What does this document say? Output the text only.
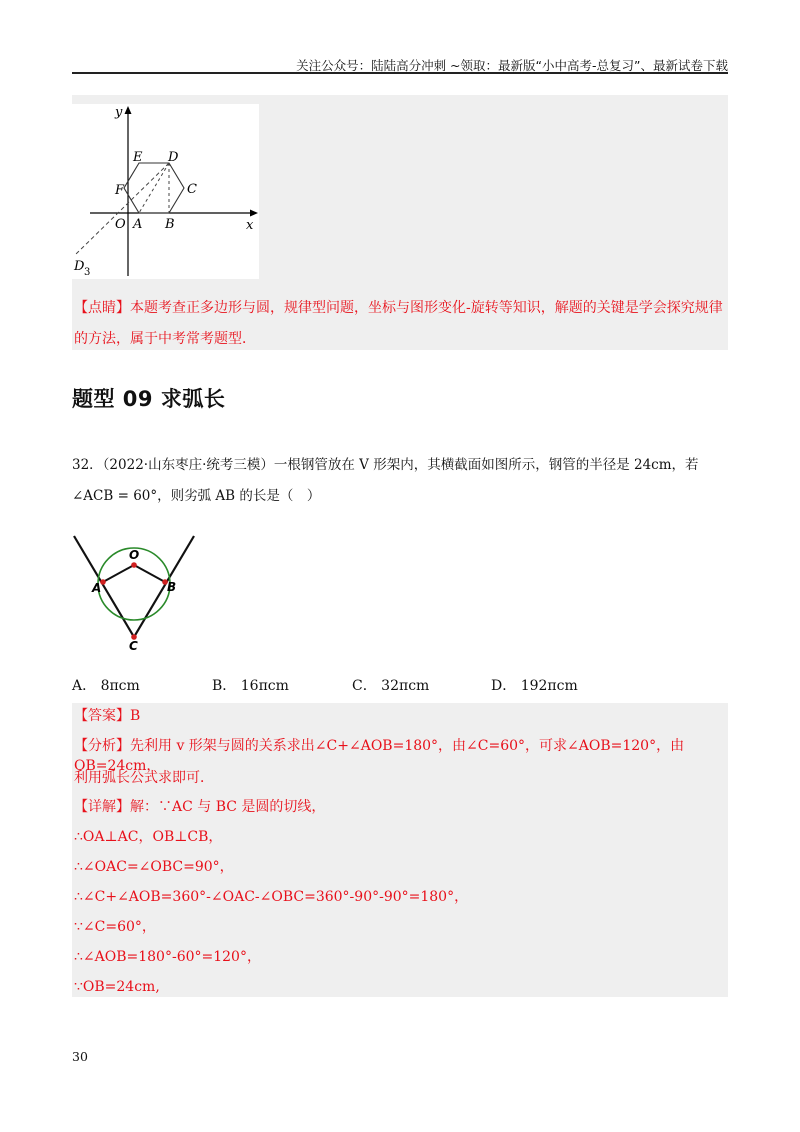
关注公众号：陆陆高分冲刺 ~领取：最新版“小中高考-总复习”、最新试卷下载
y
x
E D
F	C
O A B
D 3
【点睛】本题考查正多边形与圆，规律型问题，坐标与图形变化-旋转等知识，解题的关键是学会探究规律
的方法，属于中考常考题型．
题型 09 求弧长
32．（2022·山东枣庄·统考三模）一根钢管放在 V 形架内，其横截面如图所示，钢管的半径是 24cm，若
∠ACB = 60°，则劣弧 AB 的长是（　）
O
A	B
C
A． 8πcm	B． 16πcm	C． 32πcm	D． 192πcm
【答案】B
【分析】先利用 v 形架与圆的关系求出∠C+∠AOB=180°，由∠C=60°，可求∠AOB=120°，由 OB=24cm，
利用弧长公式求即可．
【详解】解：∵AC 与 BC 是圆的切线，
∴OA⊥AC，OB⊥CB，
∴∠OAC=∠OBC=90°，
∴∠C+∠AOB=360°-∠OAC-∠OBC=360°-90°-90°=180°，
∵∠C=60°，
∴∠AOB=180°-60°=120°，
∵OB=24cm,
30
